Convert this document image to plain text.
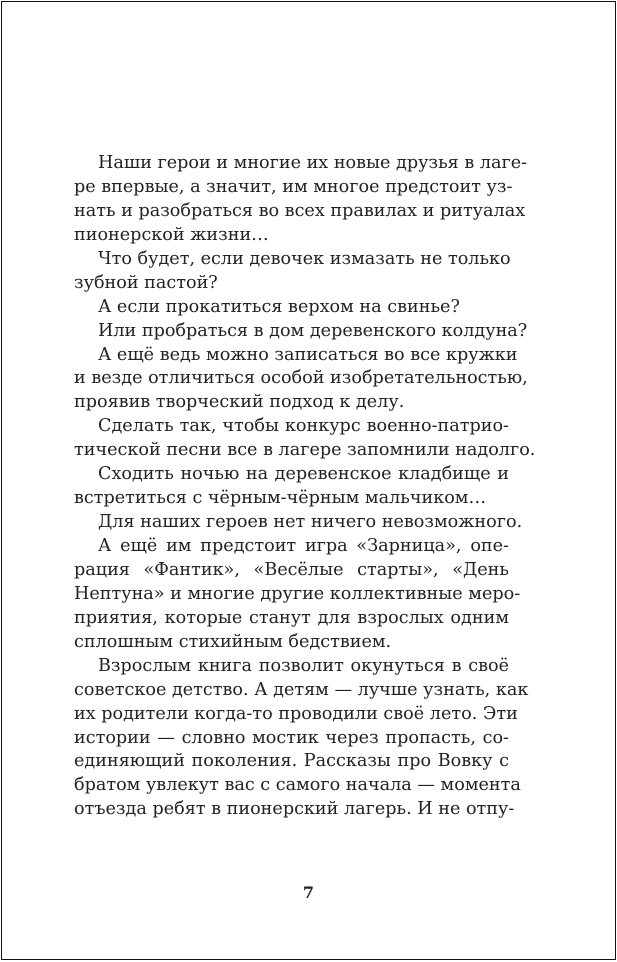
Наши герои и многие их новые друзья в лаге-
ре впервые, а значит, им многое предстоит уз-
нать и разобраться во всех правилах и ритуалах
пионерской жизни…
Что будет, если девочек измазать не только
зубной пастой?
А если прокатиться верхом на свинье?
Или пробраться в дом деревенского колдуна?
А ещё ведь можно записаться во все кружки
и везде отличиться особой изобретательностью,
проявив творческий подход к делу.
Сделать так, чтобы конкурс военно-патрио-
тической песни все в лагере запомнили надолго.
Сходить ночью на деревенское кладбище и
встретиться с чёрным-чёрным мальчиком…
Для наших героев нет ничего невозможного.
А ещё им предстоит игра «Зарница», опе-
рация «Фантик», «Весёлые старты», «День
Нептуна» и многие другие коллективные меро-
приятия, которые станут для взрослых одним
сплошным стихийным бедствием.
Взрослым книга позволит окунуться в своё
советское детство. А детям — лучше узнать, как
их родители когда-то проводили своё лето. Эти
истории — словно мостик через пропасть, со-
единяющий поколения. Рассказы про Вовку с
братом увлекут вас с самого начала — момента
отъезда ребят в пионерский лагерь. И не отпу-
7
